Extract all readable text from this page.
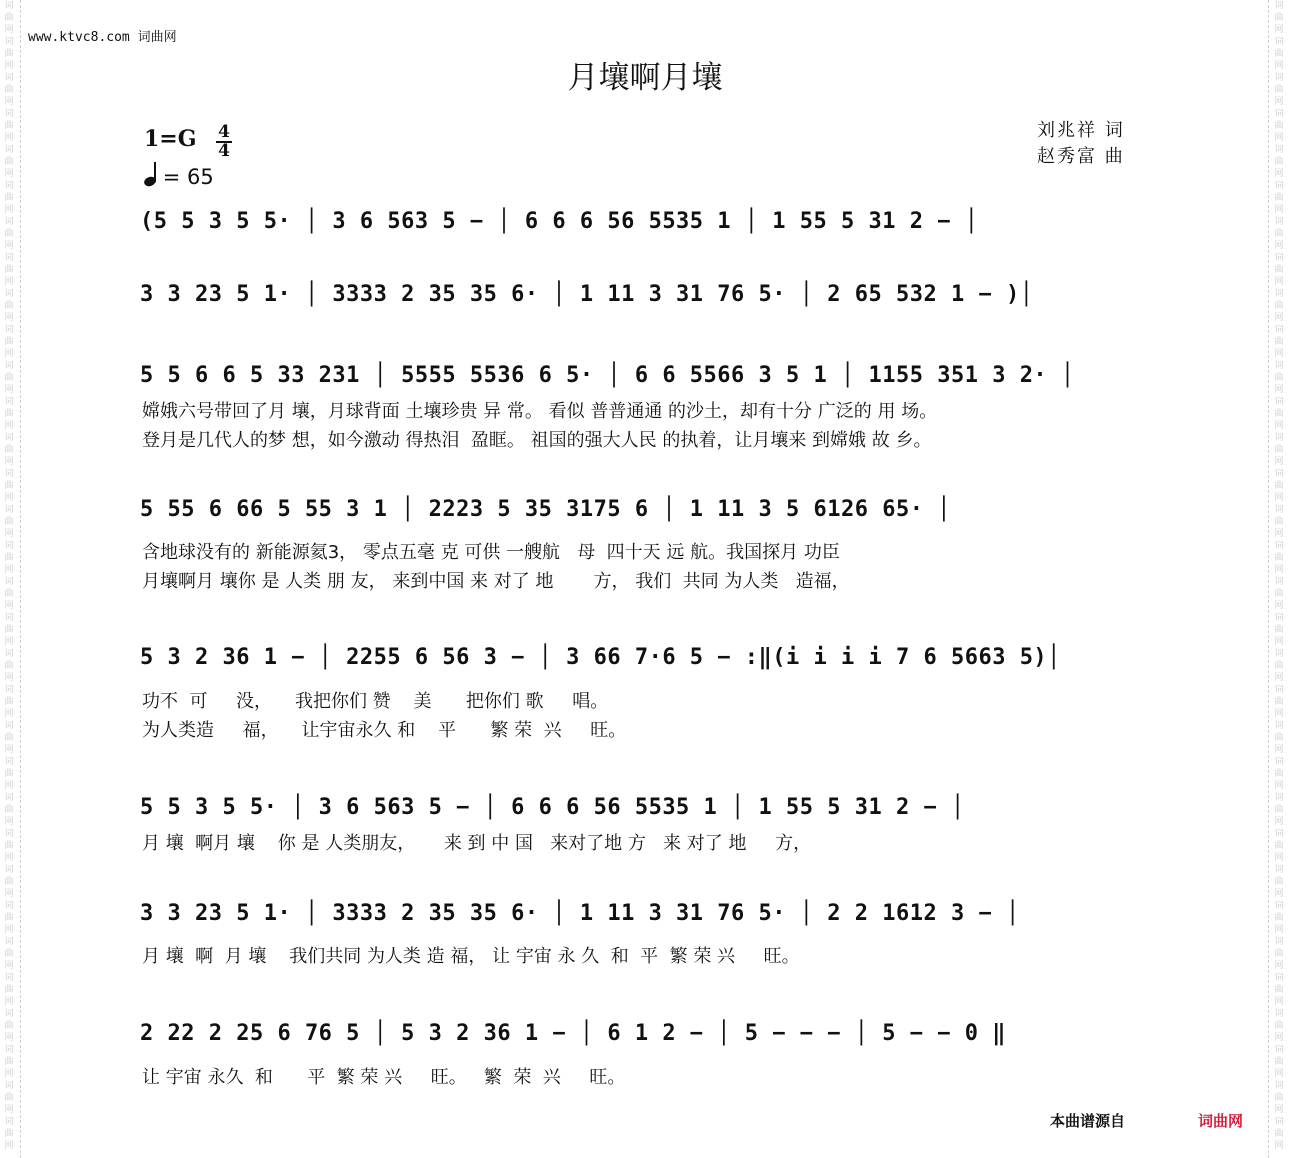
词
曲
网
词
曲
网
词
曲
网
词
曲
网
词
曲
网
词
曲
网
词
曲
网
词
曲
网
词
曲
网
词
曲
网
词
曲
网
词
曲
网
词
曲
网
词
曲
网
词
曲
网
词
曲
网
词
曲
网
词
曲
网
词
曲
网
词
曲
网
词
曲
网
词
曲
网
词
曲
网
词
曲
网
词
曲
网
词
曲
网
词
曲
网
词
曲
网
词
曲
网
词
曲
网
词
曲
网
词
曲
网
词
曲
网
词
曲
网
词
曲
网
词
曲
网
词
曲
网
词
曲
网
词
曲
网
词
曲
网
词
曲
网
词
曲
网
词
曲
网
词
曲
网
词
曲
网
词
曲
网
词
曲
网
词
曲
网
词
曲
网
词
曲
网
词
曲
网
词
曲
网
词
曲
网
词
曲
网
词
曲
网
词
曲
网
词
曲
网
词
曲
网
词
曲
网
词
曲
网
词
曲
网
词
曲
网
词
曲
网
词
曲
网
www.ktvc8.com 词曲网
月壤啊月壤
1=G 4
4
= 65
刘兆祥 词
赵秀富 曲
(5 5 3 5 5· │ 3 6 563 5 − │ 6 6 6 56 5535 1 │ 1 55 5 31 2 − │
3 3 23 5 1· │ 3333 2 35 35 6· │ 1 11 3 31 76 5· │ 2 65 532 1 − )│
5 5 6 6 5 33 231 │ 5555 5536 6 5· │ 6 6 5566 3 5 1 │ 1155 351 3 2· │
嫦娥六号带回了月 壤，月球背面 土壤珍贵 异 常。 看似 普普通通 的沙土，却有十分 广泛的 用 场。
登月是几代人的梦 想，如今激动 得热泪  盈眶。 祖国的强大人民 的执着，让月壤来 到嫦娥 故 乡。
5 55 6 66 5 55 3 1 │ 2223 5 35 3175 6 │ 1 11 3 5 6126 65· │
含地球没有的 新能源氦3， 零点五毫 克 可供 一艘航   母  四十天 远 航。我国探月 功臣
月壤啊月 壤你 是 人类 朋 友， 来到中国 来 对了 地       方， 我们  共同 为人类   造福，
5 3 2 36 1 − │ 2255 6 56 3 − │ 3 66 7·6 5 − :‖(i i i i 7 6 5663 5)│
功不  可     没，    我把你们 赞    美      把你们 歌     唱。
为人类造     福，    让宇宙永久 和    平      繁 荣  兴     旺。
5 5 3 5 5· │ 3 6 563 5 − │ 6 6 6 56 5535 1 │ 1 55 5 31 2 − │
月 壤  啊月 壤    你 是 人类朋友，     来 到 中 国   来对了地 方   来 对了 地     方，
3 3 23 5 1· │ 3333 2 35 35 6· │ 1 11 3 31 76 5· │ 2 2 1612 3 − │
月 壤  啊  月 壤    我们共同 为人类 造 福， 让 宇宙 永 久  和  平  繁 荣 兴     旺。
2 22 2 25 6 76 5 │ 5 3 2 36 1 − │ 6 1 2 − │ 5 − − − │ 5 − − 0 ‖
让 宇宙 永久  和      平  繁 荣 兴     旺。   繁  荣  兴     旺。
本曲谱源自	词曲网
